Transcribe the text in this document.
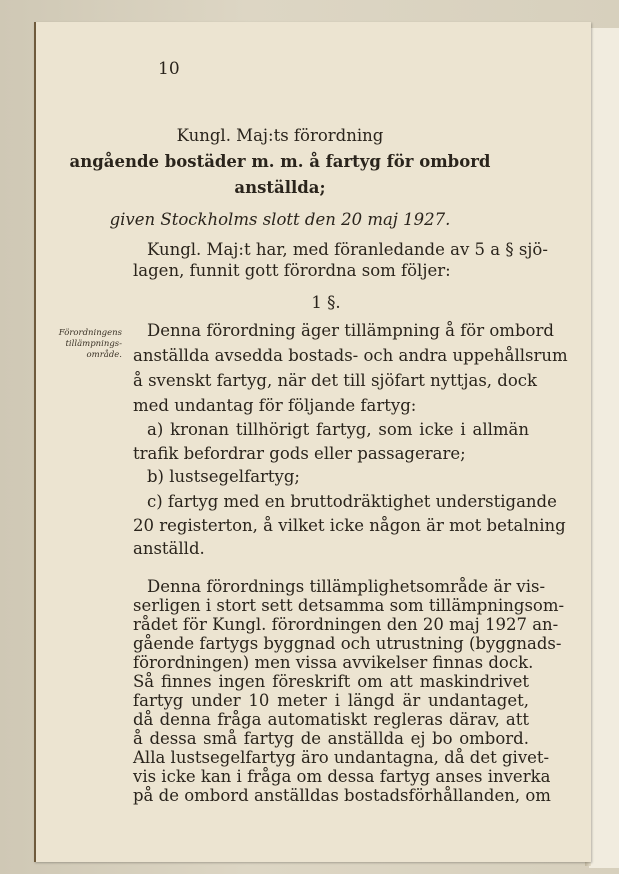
10
Kungl. Maj:ts förordning
angående bostäder m. m. å fartyg för ombord
anställda;
given Stockholms slott den 20 maj 1927.
Kungl. Maj:t har, med föranledande av 5 a § sjö-
lagen, funnit gott förordna som följer:
1 §.
Förordningens
tillämpnings-
område.
Denna förordning äger tillämpning å för ombord
anställda avsedda bostads- och andra uppehållsrum
å svenskt fartyg, när det till sjöfart nyttjas, dock
med undantag för följande fartyg:
a) kronan tillhörigt fartyg, som icke i allmän
trafik befordrar gods eller passagerare;
b) lustsegelfartyg;
c) fartyg med en bruttodräktighet understigande
20 registerton, å vilket icke någon är mot betalning
anställd.
Denna förordnings tillämplighetsområde är vis-
serligen i stort sett detsamma som tillämpningsom-
rådet för Kungl. förordningen den 20 maj 1927 an-
gående fartygs byggnad och utrustning (byggnads-
förordningen) men vissa avvikelser finnas dock.
Så finnes ingen föreskrift om att maskindrivet
fartyg under 10 meter i längd är undantaget,
då denna fråga automatiskt regleras därav, att
å dessa små fartyg de anställda ej bo ombord.
Alla lustsegelfartyg äro undantagna, då det givet-
vis icke kan i fråga om dessa fartyg anses inverka
på de ombord anställdas bostadsförhållanden, om
